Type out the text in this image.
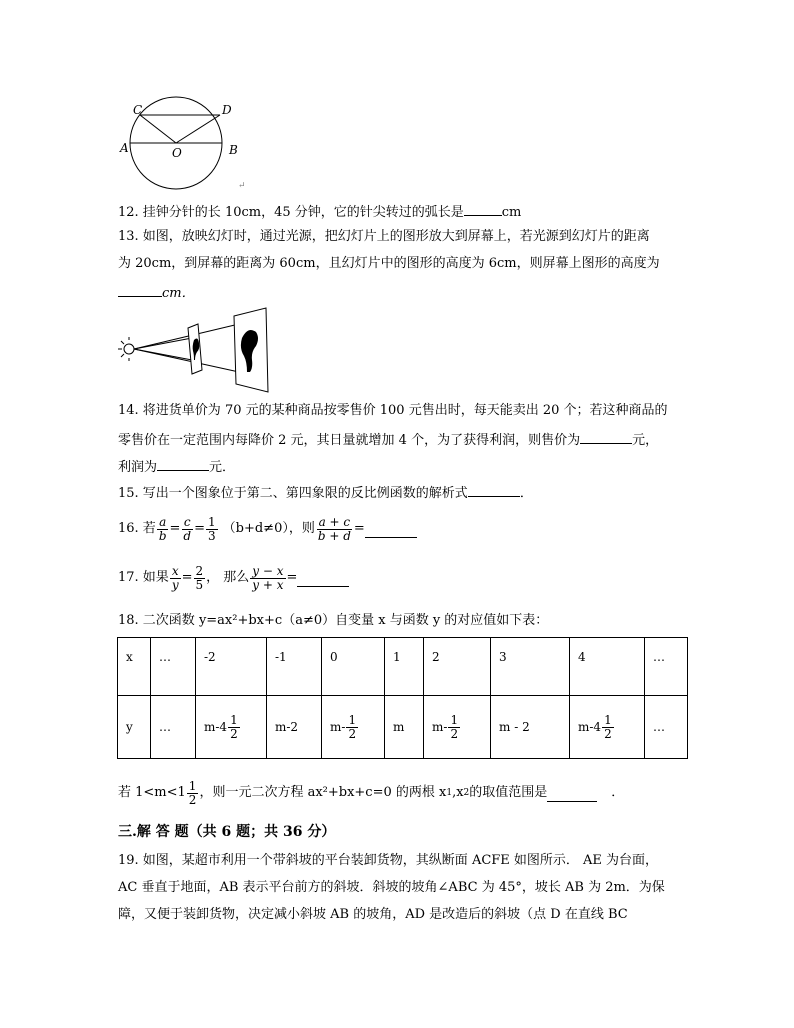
C	D
A	O	B
↵
12. 挂钟分针的长 10cm，45 分钟，它的针尖转过的弧长是	cm
13. 如图，放映幻灯时，通过光源，把幻灯片上的图形放大到屏幕上，若光源到幻灯片的距离
为 20cm，到屏幕的距离为 60cm，且幻灯片中的图形的高度为 6cm，则屏幕上图形的高度为
cm．
14. 将进货单价为 70 元的某种商品按零售价 100 元售出时，每天能卖出 20 个；若这种商品的
零售价在一定范围内每降价 2 元，其日量就增加 4 个，为了获得利润，则售价为	元，
利润为	元．
15. 写出一个图象位于第二、第四象限的反比例函数的解析式	．
16. 若 $\frac{a}{b} = \frac{c}{d} = \frac{1}{3} (b+d\ne 0)$，则 $\frac{a + c}{b + d}$ =
17. 如果 $\frac{x}{y} = \frac{2}{5}$ ， 那么 $\frac{y - x}{y + x}$ =
18. 二次函数 y=ax²+bx+c（a≠0）自变量 x 与函数 y 的对应值如下表：
x	…	-2	-1	0	1	2	3	4	…
y	…	$m-4 \frac{1}{2}$	m-2	$m- \frac{1}{2}$	m	$m- \frac{1}{2}$	m - 2	$m-4 \frac{1}{2}$	…
若 $1<m<1 \frac{1}{2}$ ，则一元二次方程 ax²+bx+c=0 的两根 x 1 ,x 2 的取值范围是	．
三.解 答 题（共 6 题；共 36 分）
19. 如图，某超市利用一个带斜坡的平台装卸货物，其纵断面 ACFE 如图所示． AE 为台面，
AC 垂直于地面，AB 表示平台前方的斜坡．斜坡的坡角∠ABC 为 45°，坡长 AB 为 2m．为保
障，又便于装卸货物，决定减小斜坡 AB 的坡角，AD 是改造后的斜坡（点 D 在直线 BC
